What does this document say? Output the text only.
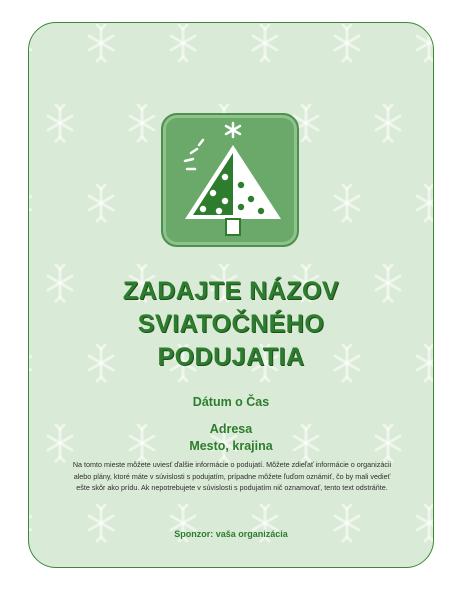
ZADAJTE NÁZOV
SVIATOČNÉHO
PODUJATIA
Dátum o Čas
Adresa
Mesto, krajina
Na tomto mieste môžete uviesť ďalšie informácie o podujatí. Môžete zdieľať informácie o organizácii alebo plány, ktoré máte v súvislosti s podujatím, prípadne môžete ľuďom oznámiť, čo by mali vedieť ešte skôr ako prídu. Ak nepotrebujete v súvislosti s podujatím nič oznamovať, tento text odstráňte.
Sponzor: vaša organizácia
